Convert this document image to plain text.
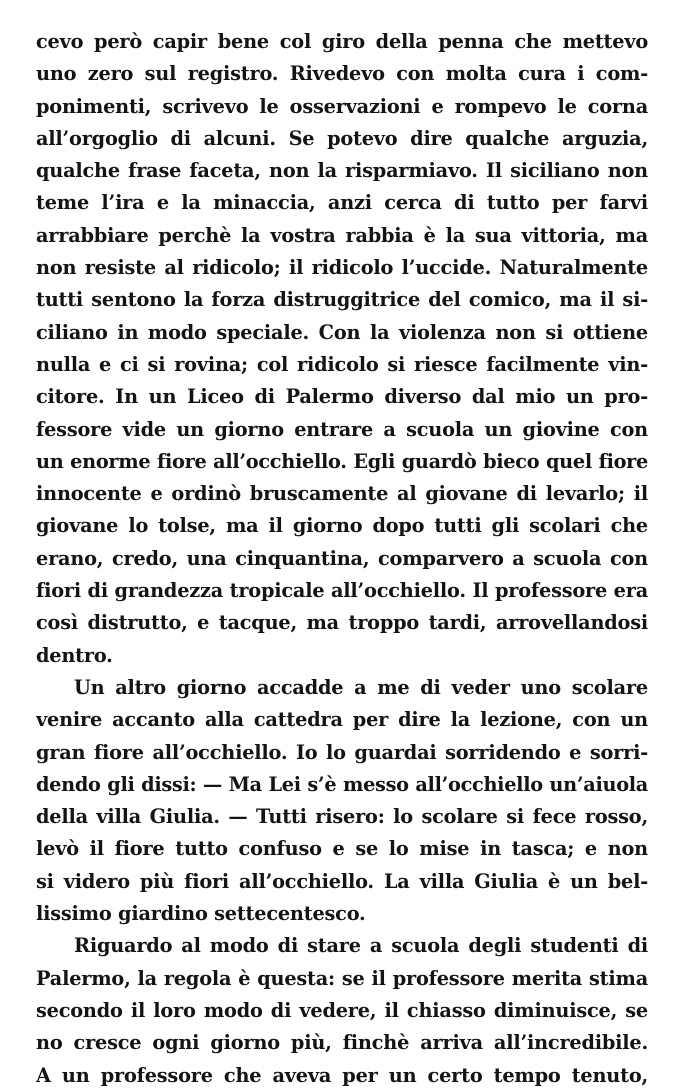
cevo però capir bene col giro della penna che mettevo
uno zero sul registro. Rivedevo con molta cura i com-
ponimenti, scrivevo le osservazioni e rompevo le corna
all’orgoglio di alcuni. Se potevo dire qualche arguzia,
qualche frase faceta, non la risparmiavo. Il siciliano non
teme l’ira e la minaccia, anzi cerca di tutto per farvi
arrabbiare perchè la vostra rabbia è la sua vittoria, ma
non resiste al ridicolo; il ridicolo l’uccide. Naturalmente
tutti sentono la forza distruggitrice del comico, ma il si-
ciliano in modo speciale. Con la violenza non si ottiene
nulla e ci si rovina; col ridicolo si riesce facilmente vin-
citore. In un Liceo di Palermo diverso dal mio un pro-
fessore vide un giorno entrare a scuola un giovine con
un enorme fiore all’occhiello. Egli guardò bieco quel fiore
innocente e ordinò bruscamente al giovane di levarlo; il
giovane lo tolse, ma il giorno dopo tutti gli scolari che
erano, credo, una cinquantina, comparvero a scuola con
fiori di grandezza tropicale all’occhiello. Il professore era
così distrutto, e tacque, ma troppo tardi, arrovellandosi
dentro.
Un altro giorno accadde a me di veder uno scolare
venire accanto alla cattedra per dire la lezione, con un
gran fiore all’occhiello. Io lo guardai sorridendo e sorri-
dendo gli dissi: — Ma Lei s’è messo all’occhiello un’aiuola
della villa Giulia. — Tutti risero: lo scolare si fece rosso,
levò il fiore tutto confuso e se lo mise in tasca; e non
si videro più fiori all’occhiello. La villa Giulia è un bel-
lissimo giardino settecentesco.
Riguardo al modo di stare a scuola degli studenti di
Palermo, la regola è questa: se il professore merita stima
secondo il loro modo di vedere, il chiasso diminuisce, se
no cresce ogni giorno più, finchè arriva all’incredibile.
A un professore che aveva per un certo tempo tenuto,
